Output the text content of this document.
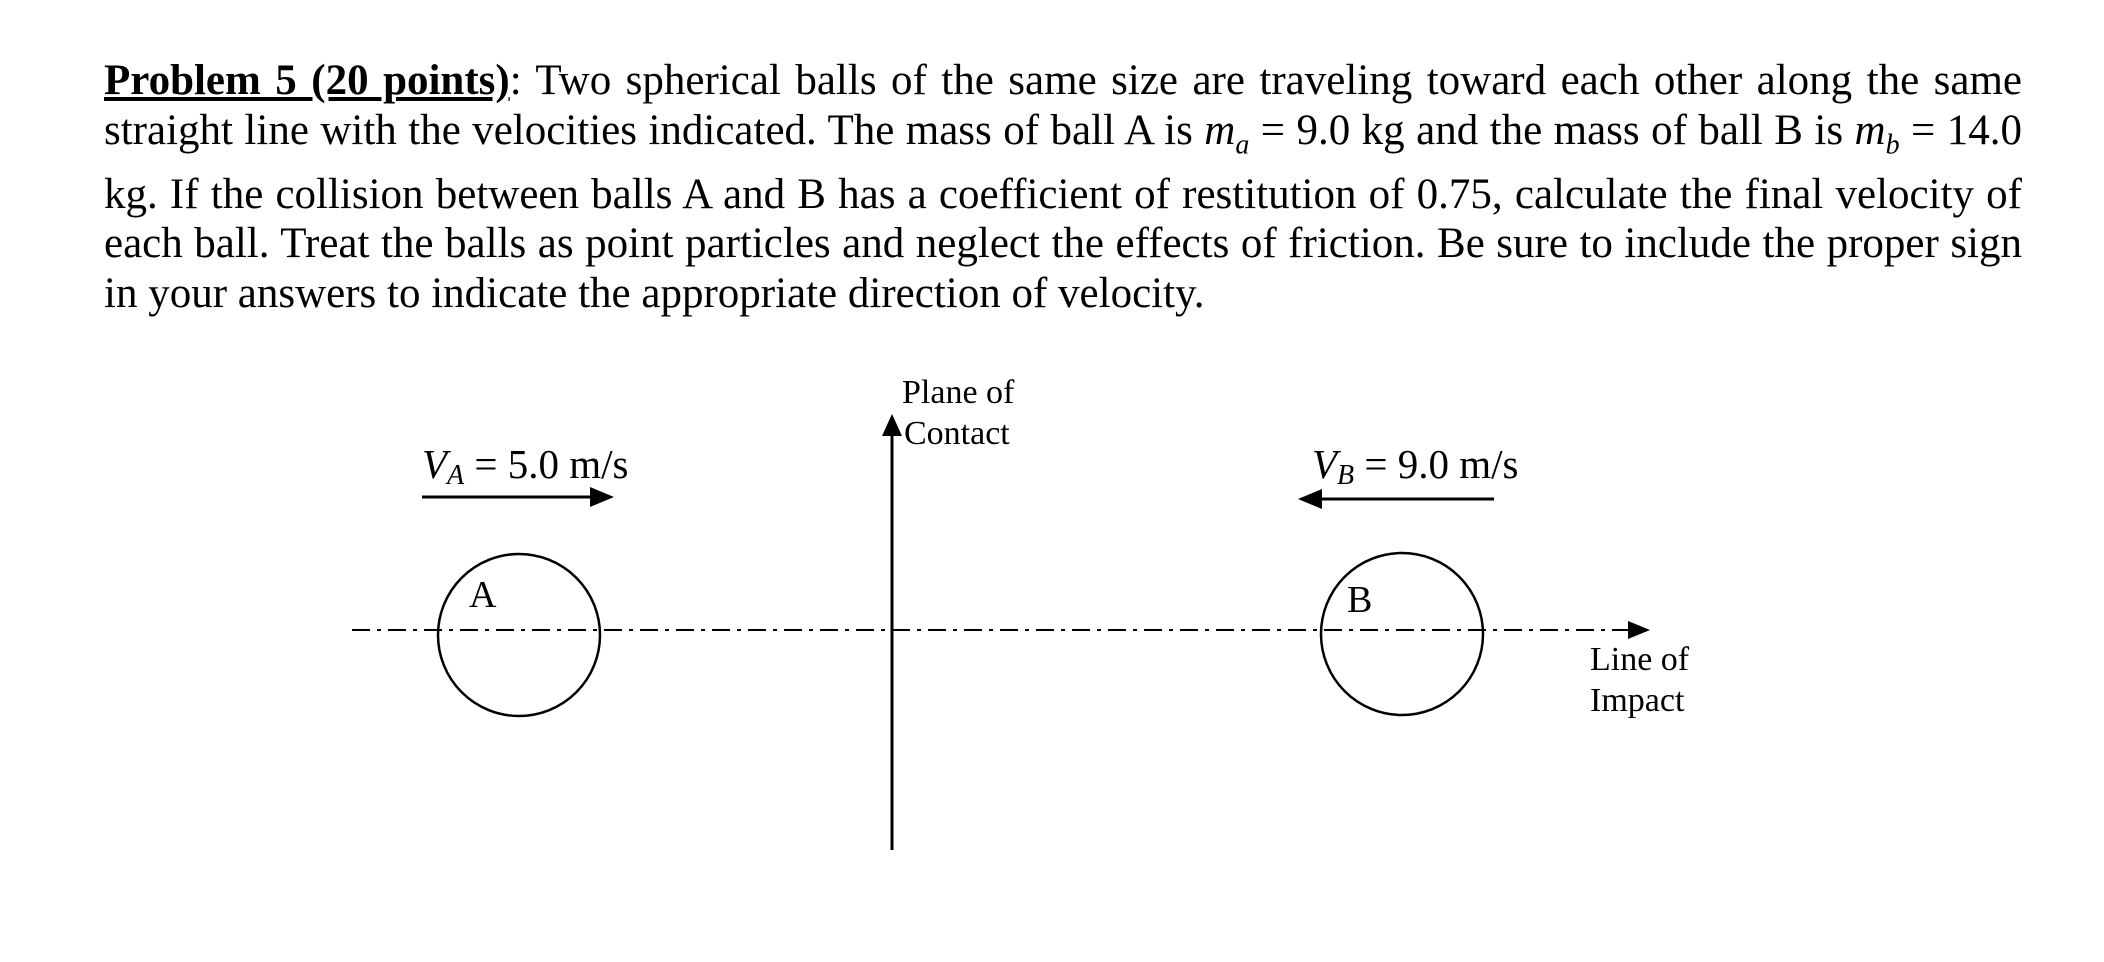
Problem 5 (20 points): Two spherical balls of the same size are traveling toward each other along the same straight line with the velocities indicated. The mass of ball A is $m_a = 9.0$ kg and the mass of ball B is $m_b = 14.0$ kg. If the collision between balls A and B has a coefficient of restitution of 0.75, calculate the final velocity of each ball. Treat the balls as point particles and neglect the effects of friction. Be sure to include the proper sign in your answers to indicate the appropriate direction of velocity.

Plane of
Contact
VA = 5.0 m/s	VB = 9.0 m/s
A	B
Line of
Impact
